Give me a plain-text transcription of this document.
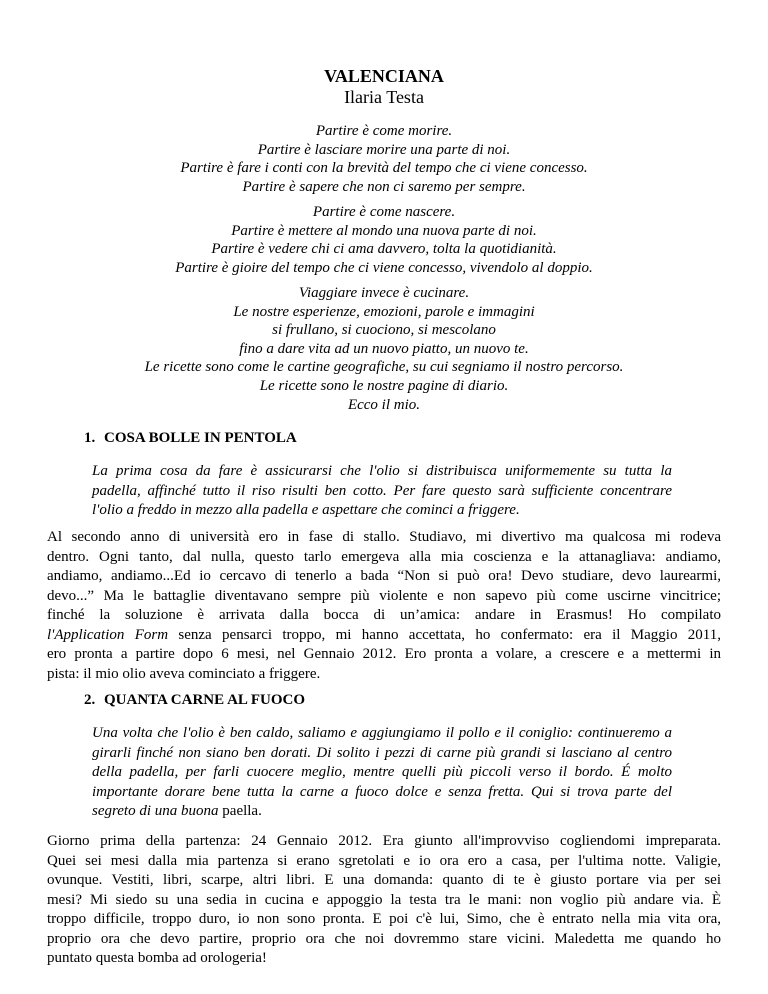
VALENCIANA
Ilaria Testa
Partire è come morire.
Partire è lasciare morire una parte di noi.
Partire è fare i conti con la brevità del tempo che ci viene concesso.
Partire è sapere che non ci saremo per sempre.
Partire è come nascere.
Partire è mettere al mondo una nuova parte di noi.
Partire è vedere chi ci ama davvero, tolta la quotidianità.
Partire è gioire del tempo che ci viene concesso, vivendolo al doppio.
Viaggiare invece è cucinare.
Le nostre esperienze, emozioni, parole e immagini
si frullano, si cuociono, si mescolano
fino a dare vita ad un nuovo piatto, un nuovo te.
Le ricette sono come le cartine geografiche, su cui segniamo il nostro percorso.
Le ricette sono le nostre pagine di diario.
Ecco il mio.
1. COSA BOLLE IN PENTOLA
La prima cosa da fare è assicurarsi che l'olio si distribuisca uniformemente su tutta la
padella, affinché tutto il riso risulti ben cotto. Per fare questo sarà sufficiente concentrare
l'olio a freddo in mezzo alla padella e aspettare che cominci a friggere.
Al secondo anno di università ero in fase di stallo. Studiavo, mi divertivo ma qualcosa mi rodeva
dentro. Ogni tanto, dal nulla, questo tarlo emergeva alla mia coscienza e la attanagliava: andiamo,
andiamo, andiamo...Ed io cercavo di tenerlo a bada “Non si può ora! Devo studiare, devo laurearmi,
devo...” Ma le battaglie diventavano sempre più violente e non sapevo più come uscirne vincitrice;
finché la soluzione è arrivata dalla bocca di un’amica: andare in Erasmus! Ho compilato
l'Application Form senza pensarci troppo, mi hanno accettata, ho confermato: era il Maggio 2011,
ero pronta a partire dopo 6 mesi, nel Gennaio 2012. Ero pronta a volare, a crescere e a mettermi in
pista: il mio olio aveva cominciato a friggere.
2. QUANTA CARNE AL FUOCO
Una volta che l'olio è ben caldo, saliamo e aggiungiamo il pollo e il coniglio: continueremo a
girarli finché non siano ben dorati. Di solito i pezzi di carne più grandi si lasciano al centro
della padella, per farli cuocere meglio, mentre quelli più piccoli verso il bordo. É molto
importante dorare bene tutta la carne a fuoco dolce e senza fretta. Qui si trova parte del
segreto di una buona paella.
Giorno prima della partenza: 24 Gennaio 2012. Era giunto all'improvviso cogliendomi impreparata.
Quei sei mesi dalla mia partenza si erano sgretolati e io ora ero a casa, per l'ultima notte. Valigie,
ovunque. Vestiti, libri, scarpe, altri libri. E una domanda: quanto di te è giusto portare via per sei
mesi? Mi siedo su una sedia in cucina e appoggio la testa tra le mani: non voglio più andare via. È
troppo difficile, troppo duro, io non sono pronta. E poi c'è lui, Simo, che è entrato nella mia vita ora,
proprio ora che devo partire, proprio ora che noi dovremmo stare vicini. Maledetta me quando ho
puntato questa bomba ad orologeria!
